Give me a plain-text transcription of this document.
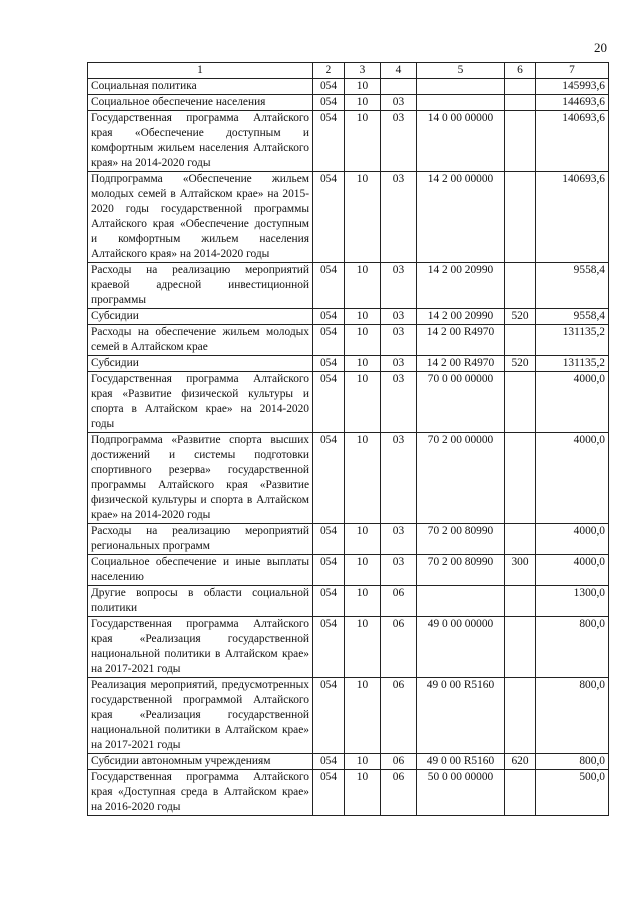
20
1	2	3	4	5	6	7
Социальная политика	054	10				145993,6
Социальное обеспечение населения	054	10	03			144693,6
Государственная программа Алтайского края «Обеспечение доступным и комфортным жильем населения Алтайского края» на 2014-2020 годы	054	10	03	14 0 00 00000		140693,6
Подпрограмма «Обеспечение жильем молодых семей в Алтайском крае» на 2015-2020 годы государственной программы Алтайского края «Обеспечение доступным и комфортным жильем населения Алтайского края» на 2014-2020 годы	054	10	03	14 2 00 00000		140693,6
Расходы на реализацию мероприятий краевой адресной инвестиционной программы	054	10	03	14 2 00 20990		9558,4
Субсидии	054	10	03	14 2 00 20990	520	9558,4
Расходы на обеспечение жильем молодых семей в Алтайском крае	054	10	03	14 2 00 R4970		131135,2
Субсидии	054	10	03	14 2 00 R4970	520	131135,2
Государственная программа Алтайского края «Развитие физической культуры и спорта в Алтайском крае» на 2014-2020 годы	054	10	03	70 0 00 00000		4000,0
Подпрограмма «Развитие спорта высших достижений и системы подготовки спортивного резерва» государственной программы Алтайского края «Развитие физической культуры и спорта в Алтайском крае» на 2014-2020 годы	054	10	03	70 2 00 00000		4000,0
Расходы на реализацию мероприятий региональных программ	054	10	03	70 2 00 80990		4000,0
Социальное обеспечение и иные выплаты населению	054	10	03	70 2 00 80990	300	4000,0
Другие вопросы в области социальной политики	054	10	06			1300,0
Государственная программа Алтайского края «Реализация государственной национальной политики в Алтайском крае» на 2017-2021 годы	054	10	06	49 0 00 00000		800,0
Реализация мероприятий, предусмотренных государственной программой Алтайского края «Реализация государственной национальной политики в Алтайском крае» на 2017-2021 годы	054	10	06	49 0 00 R5160		800,0
Субсидии автономным учреждениям	054	10	06	49 0 00 R5160	620	800,0
Государственная программа Алтайского края «Доступная среда в Алтайском крае» на 2016-2020 годы	054	10	06	50 0 00 00000		500,0
